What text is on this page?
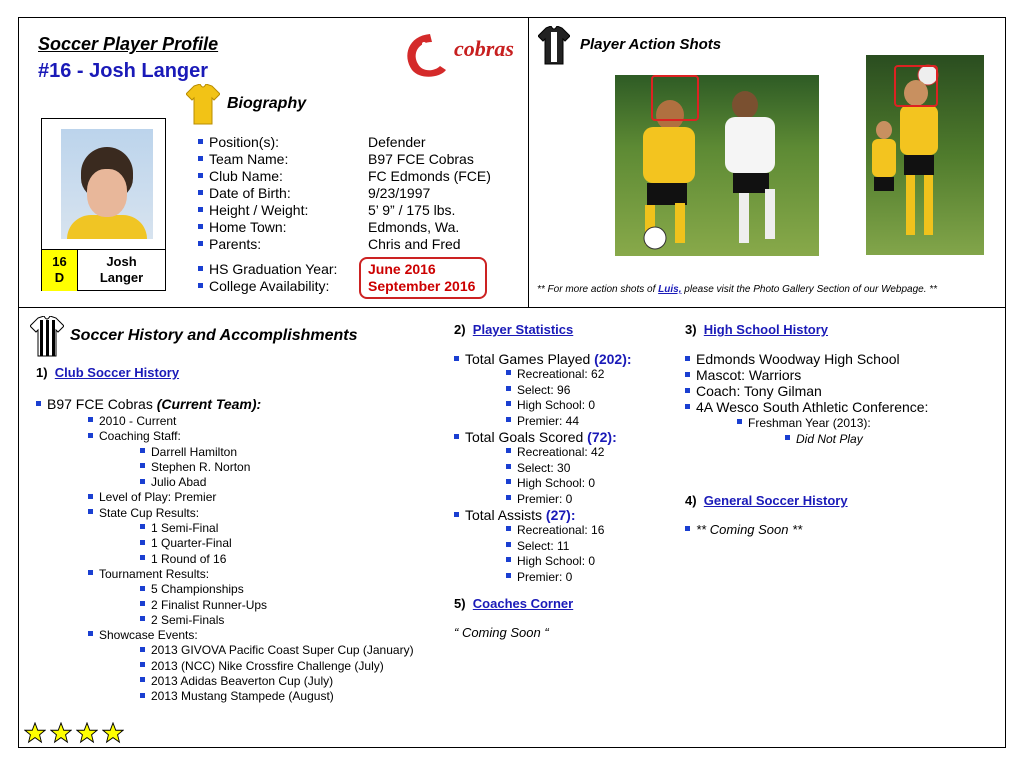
Soccer Player Profile
#16 - Josh Langer
cobras
Biography
16
D
Josh
Langer
Position(s):	Defender
Team Name:	B97 FCE Cobras
Club Name:	FC Edmonds (FCE)
Date of Birth:	9/23/1997
Height / Weight:	5’ 9” / 175 lbs.
Home Town:	Edmonds, Wa.
Parents:	Chris and Fred
HS Graduation Year:	June 2016
College Availability:	September 2016
Player Action Shots
** For more action shots of Luis, please visit the Photo Gallery Section of our Webpage. **
Soccer History and Accomplishments
1) Club Soccer History
B97 FCE Cobras (Current Team):
2010 - Current
Coaching Staff:
Darrell Hamilton
Stephen R. Norton
Julio Abad
Level of Play: Premier
State Cup Results:
1 Semi-Final
1 Quarter-Final
1 Round of 16
Tournament Results:
5 Championships
2 Finalist Runner-Ups
2 Semi-Finals
Showcase Events:
2013 GIVOVA Pacific Coast Super Cup (January)
2013 (NCC) Nike Crossfire Challenge (July)
2013 Adidas Beaverton Cup (July)
2013 Mustang Stampede (August)
2) Player Statistics
Total Games Played (202):
Recreational: 62
Select: 96
High School: 0
Premier: 44
Total Goals Scored (72):
Recreational: 42
Select: 30
High School: 0
Premier: 0
Total Assists (27):
Recreational: 16
Select: 11
High School: 0
Premier: 0
5) Coaches Corner
“ Coming Soon “
3) High School History
Edmonds Woodway High School
Mascot: Warriors
Coach: Tony Gilman
4A Wesco South Athletic Conference:
Freshman Year (2013):
Did Not Play
4) General Soccer History
** Coming Soon **
